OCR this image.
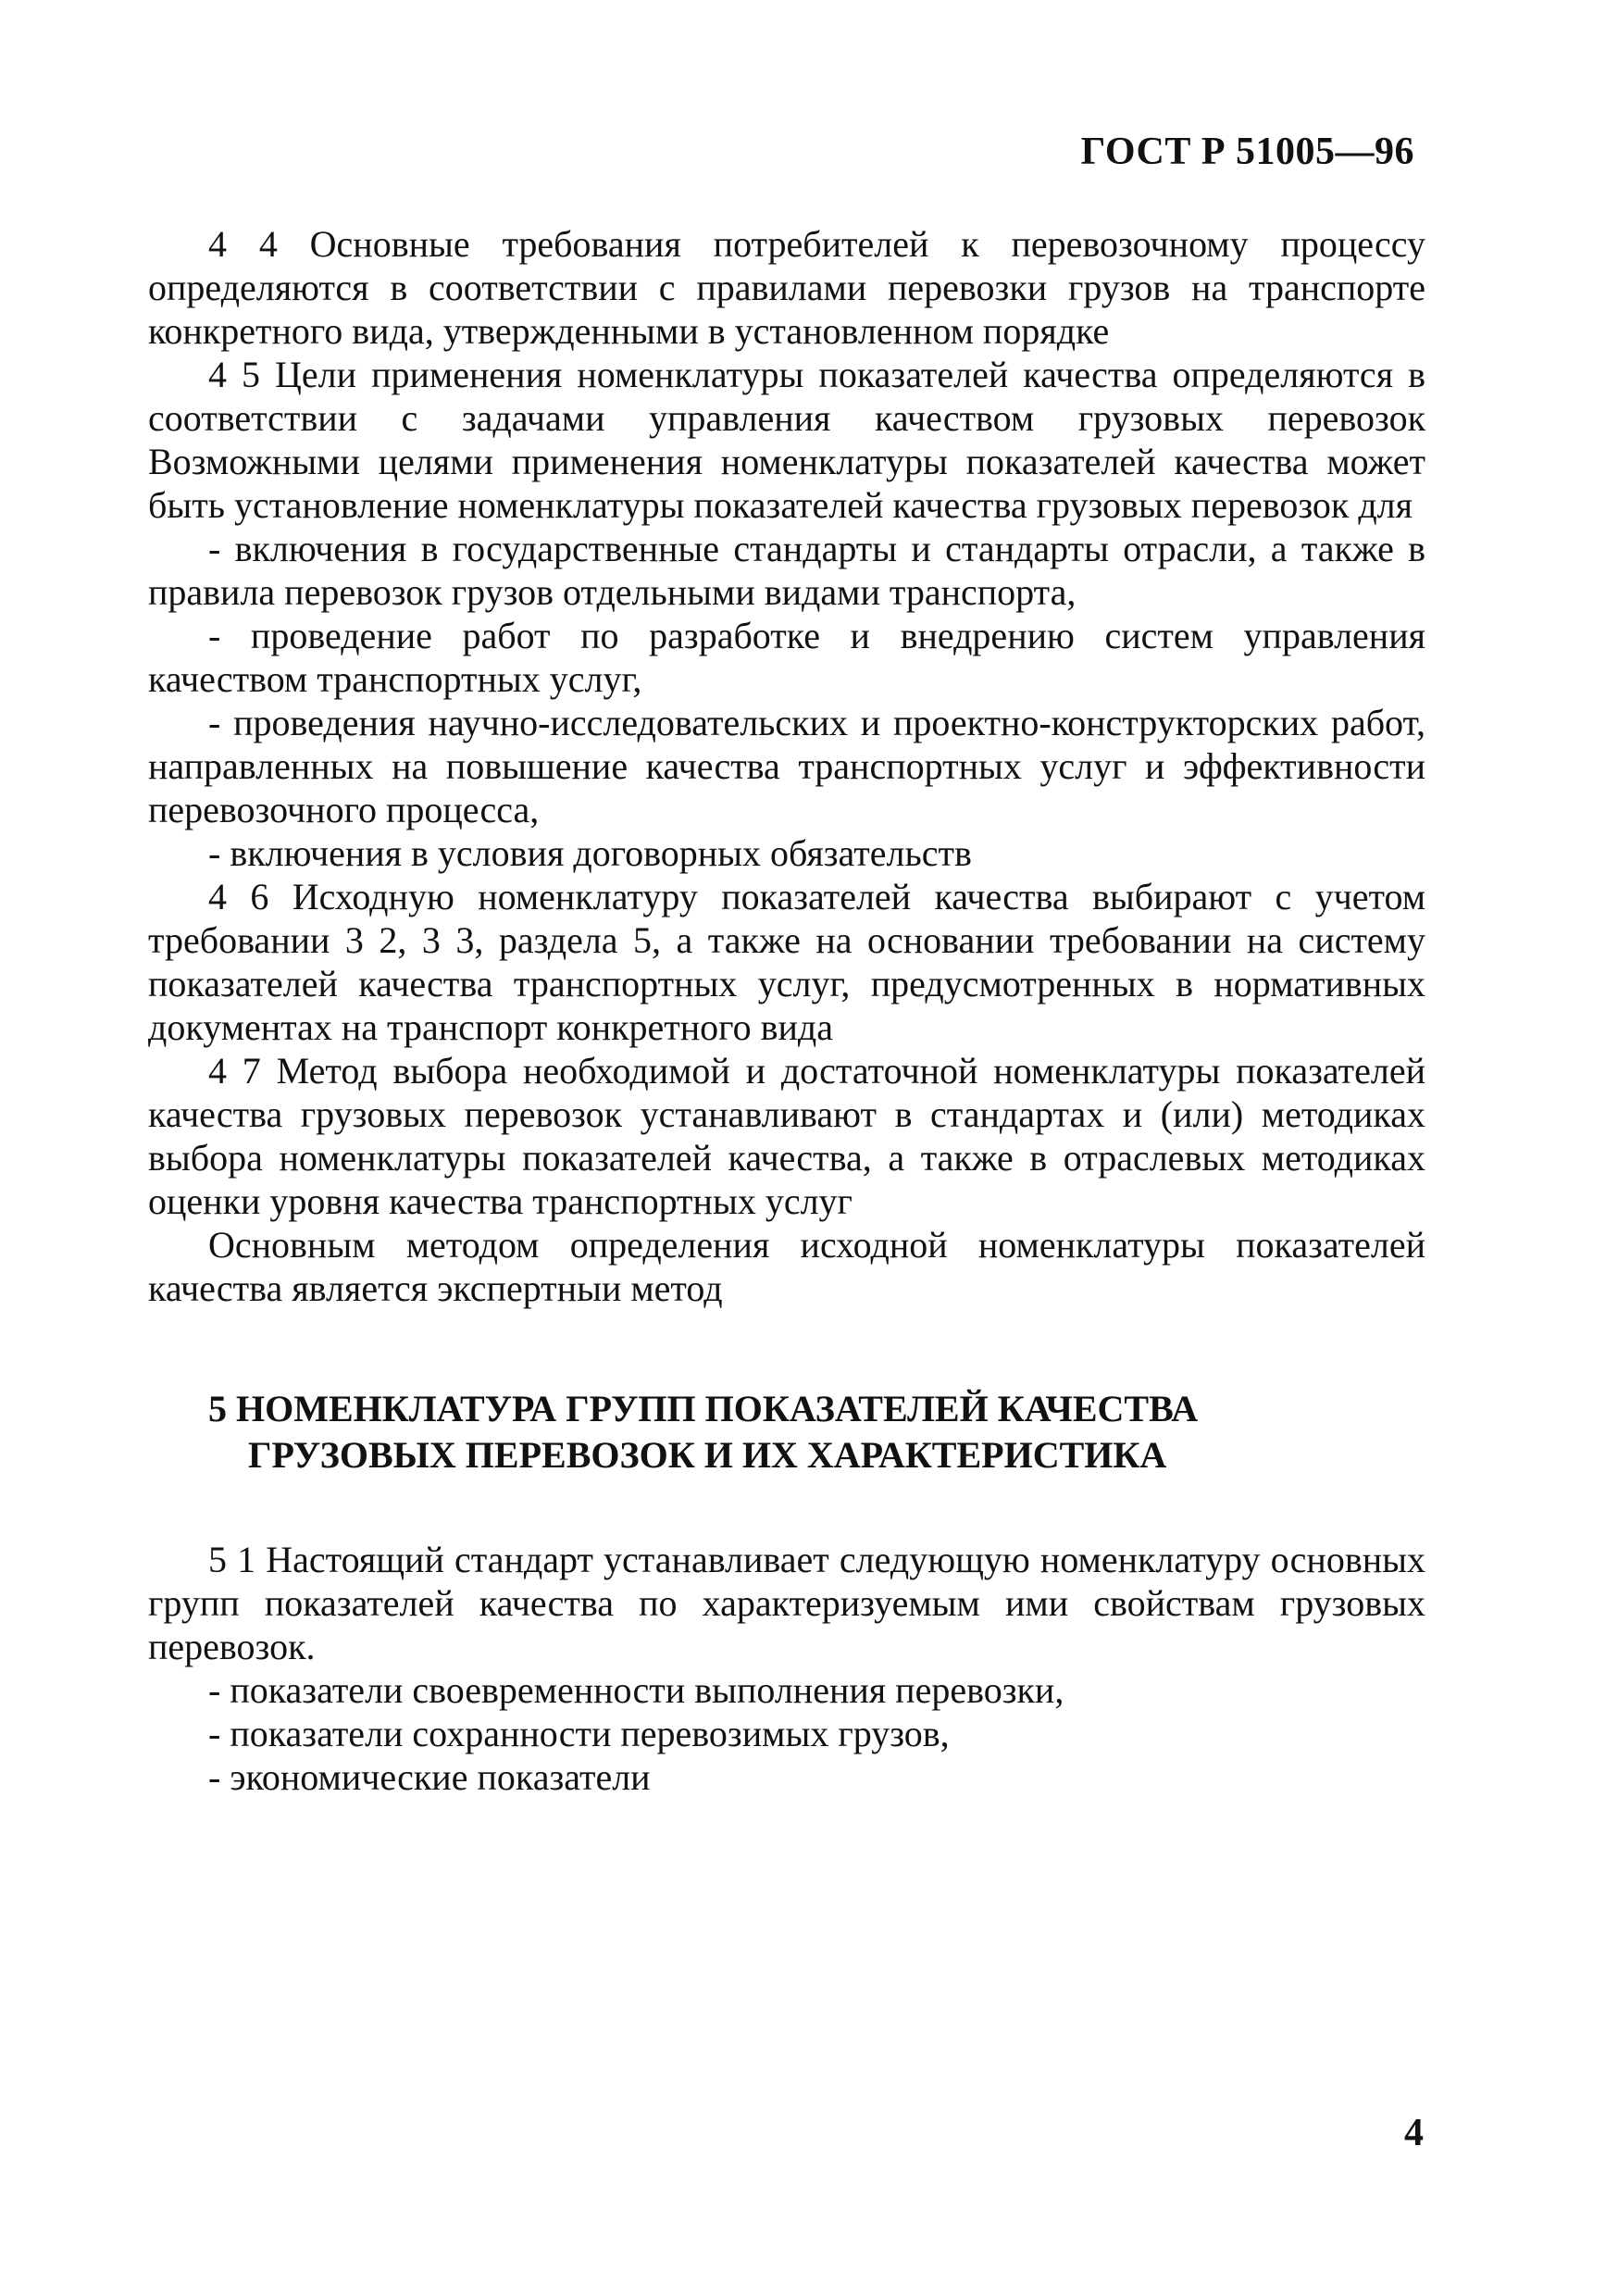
ГОСТ Р 51005—96

4 4 Основные требования потребителей к перевозочному процессу определяются в соответствии с правилами перевозки грузов на транспорте конкретного вида, утвержденными в установленном порядке

4 5 Цели применения номенклатуры показателей качества определяются в соответствии с задачами управления качеством грузовых перевозок Возможными целями применения номенклатуры показателей качества может быть установление номенклатуры показателей качества грузовых перевозок для

- включения в государственные стандарты и стандарты отрасли, а также в правила перевозок грузов отдельными видами транспорта,

- проведение работ по разработке и внедрению систем управления качеством транспортных услуг,

- проведения научно-исследовательских и проектно-конструкторских работ, направленных на повышение качества транспортных услуг и эффективности перевозочного процесса,

- включения в условия договорных обязательств

4 6 Исходную номенклатуру показателей качества выбирают с учетом требовании 3 2, 3 3, раздела 5, а также на основании требовании на систему показателей качества транспортных услуг, предусмотренных в нормативных документах на транспорт конкретного вида

4 7 Метод выбора необходимой и достаточной номенклатуры показателей качества грузовых перевозок устанавливают в стандартах и (или) методиках выбора номенклатуры показателей качества, а также в отраслевых методиках оценки уровня качества транспортных услуг

Основным методом определения исходной номенклатуры показателей качества является экспертныи метод

5 НОМЕНКЛАТУРА ГРУПП ПОКАЗАТЕЛЕЙ КАЧЕСТВА
ГРУЗОВЫХ ПЕРЕВОЗОК И ИХ ХАРАКТЕРИСТИКА

5 1 Настоящий стандарт устанавливает следующую номенклатуру основных групп показателей качества по характеризуемым ими свойствам грузовых перевозок.

- показатели своевременности выполнения перевозки,

- показатели сохранности перевозимых грузов,

- экономические показатели

4
